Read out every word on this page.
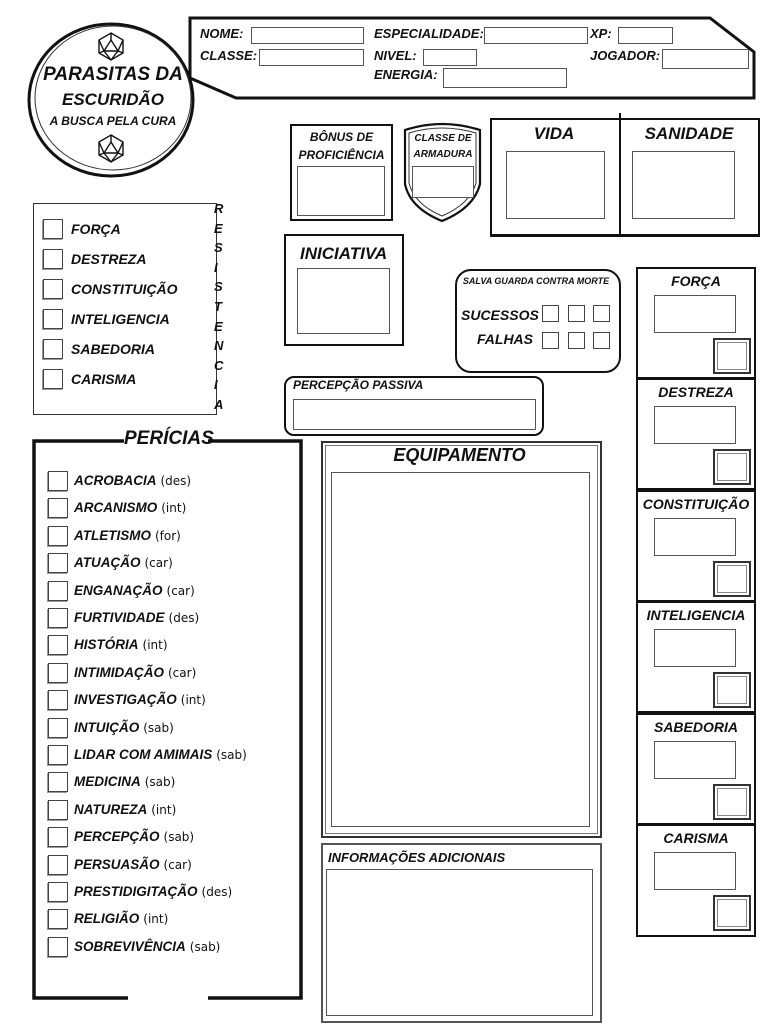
PARASITAS DA
ESCURIDÃO
A BUSCA PELA CURA
NOME:	ESPECIALIDADE:	XP:
CLASSE:	NIVEL:	JOGADOR:
ENERGIA:
BÔNUS DE
PROFICIÊNCIA
CLASSE DE
ARMADURA
VIDA	SANIDADE
FORÇA
DESTREZA
CONSTITUIÇÃO
INTELIGENCIA
SABEDORIA
CARISMA
R
E
S
I
S
T
E
N
C
I
A
INICIATIVA
SALVA GUARDA CONTRA MORTE
SUCESSOS
FALHAS
PERCEPÇÃO PASSIVA
PERÍCIAS
ACROBACIA (des)
ARCANISMO (int)
ATLETISMO (for)
ATUAÇÃO (car)
ENGANAÇÃO (car)
FURTIVIDADE (des)
HISTÓRIA (int)
INTIMIDAÇÃO (car)
INVESTIGAÇÃO (int)
INTUIÇÃO (sab)
LIDAR COM AMIMAIS (sab)
MEDICINA (sab)
NATUREZA (int)
PERCEPÇÃO (sab)
PERSUASÃO (car)
PRESTIDIGITAÇÃO (des)
RELIGIÃO (int)
SOBREVIVÊNCIA (sab)
EQUIPAMENTO
INFORMAÇÕES ADICIONAIS
FORÇA
DESTREZA
CONSTITUIÇÃO
INTELIGENCIA
SABEDORIA
CARISMA
